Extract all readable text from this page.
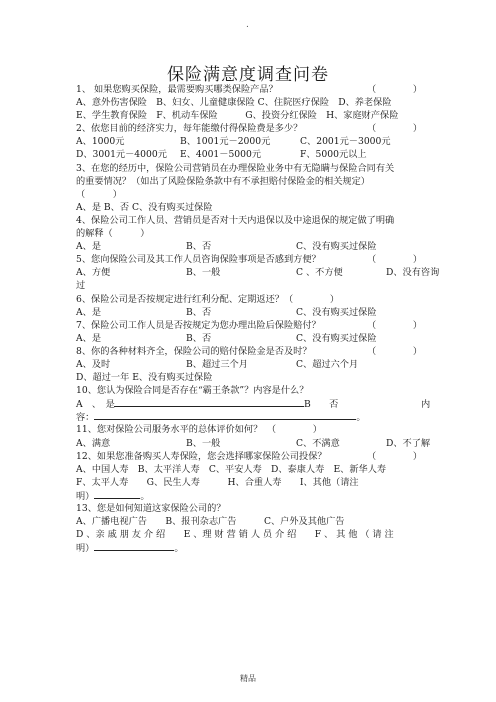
.
保险满意度调查问卷
1、 如果您购买保险，最需要购买哪类保险产品？	（　　　　）
A、意外伤害保险　B、妇女、儿童健康保险 C、住院医疗保险　D、养老保险
E、学生教育保险　F、机动车保险　　　G、投资分红保险　H、家庭财产保险
2、依您目前的经济实力，每年能缴付得保险费是多少？	（　　　　）
A、1000元	B、1001元－2000元	C、2001元－3000元
D、3001元－4000元 E、4001－5000元	F、5000元以上
3、在您的经历中，保险公司营销员在办理保险业务中有无隐瞒与保险合同有关
的重要情况？（如出了风险保险条款中有不承担赔付保险金的相关规定）
（　　　）
A、是 B、否 C、没有购买过保险
4、保险公司工作人员、营销员是否对十天内退保以及中途退保的规定做了明确
的解释（　　　）
A、是	B、否	C、没有购买过保险
5、您向保险公司及其工作人员咨询保险事项是否感到方便？	（　　　　）
A、方便	B、一般	C 、不方便	D、没有咨询
过
6、保险公司是否按规定进行红利分配、定期返还？（　　　　）
A、是	B、否	C、没有购买过保险
7、保险公司工作人员是否按规定为您办理出险后保险赔付？	（　　　　）
A、是	B、否	C、没有购买过保险
8、你的各种材料齐全，保险公司的赔付保险金是否及时？	（　　　　）
A、及时	B、超过三个月	C、超过六个月
D、超过一年 E、没有购买过保险
10、您认为保险合同是否存在“霸王条款”？内容是什么？
A　、　是	B　　否　　　　　　　　　内
容：	。
11、您对保险公司服务水平的总体评价如何？　（　　　　）
A、满意	B、一般	C、不满意	D、不了解
12、如果您准备购买人寿保险，您会选择哪家保险公司投保？	（　　　　）
A、中国人寿　B、太平洋人寿　C、平安人寿　D、泰康人寿　E、新华人寿
F、太平人寿　　G、民生人寿　　　H、合重人寿　　I、其他（请注
明）	。
13、您是如何知道这家保险公司的？
A、广播电视广告　　B、报刊杂志广告　　　C、户外及其他广告
D 、亲 戚 朋 友 介 绍　　E 、理 财 营 销 人 员 介 绍　　F 、 其 他 （ 请 注
明）	。
精品
